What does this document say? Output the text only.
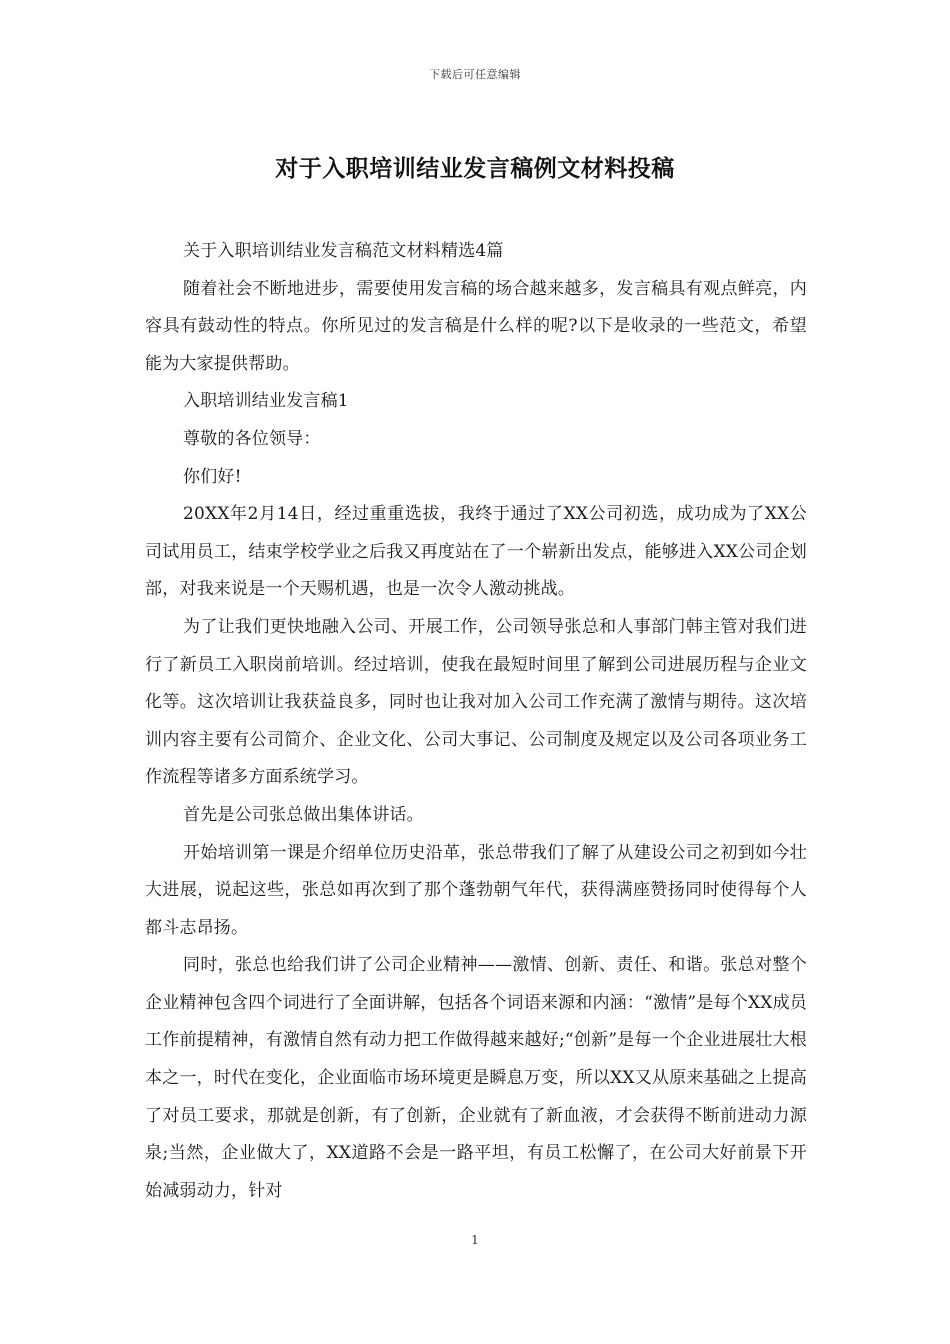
下载后可任意编辑
对于入职培训结业发言稿例文材料投稿

关于入职培训结业发言稿范文材料精选4篇

随着社会不断地进步，需要使用发言稿的场合越来越多，发言稿具有观点鲜亮，内容具有鼓动性的特点。你所见过的发言稿是什么样的呢?以下是收录的一些范文，希望能为大家提供帮助。

入职培训结业发言稿1

尊敬的各位领导：

你们好!

20XX年2月14日，经过重重选拔，我终于通过了XX公司初选，成功成为了XX公司试用员工，结束学校学业之后我又再度站在了一个崭新出发点，能够进入XX公司企划部，对我来说是一个天赐机遇，也是一次令人激动挑战。

为了让我们更快地融入公司、开展工作，公司领导张总和人事部门韩主管对我们进行了新员工入职岗前培训。经过培训，使我在最短时间里了解到公司进展历程与企业文化等。这次培训让我获益良多，同时也让我对加入公司工作充满了激情与期待。这次培训内容主要有公司简介、企业文化、公司大事记、公司制度及规定以及公司各项业务工作流程等诸多方面系统学习。

首先是公司张总做出集体讲话。

开始培训第一课是介绍单位历史沿革，张总带我们了解了从建设公司之初到如今壮大进展，说起这些，张总如再次到了那个蓬勃朝气年代，获得满座赞扬同时使得每个人都斗志昂扬。

同时，张总也给我们讲了公司企业精神——激情、创新、责任、和谐。张总对整个企业精神包含四个词进行了全面讲解，包括各个词语来源和内涵：“激情”是每个XX成员工作前提精神，有激情自然有动力把工作做得越来越好;“创新”是每一个企业进展壮大根本之一，时代在变化，企业面临市场环境更是瞬息万变，所以XX又从原来基础之上提高了对员工要求，那就是创新，有了创新，企业就有了新血液，才会获得不断前进动力源泉;当然，企业做大了，XX道路不会是一路平坦，有员工松懈了，在公司大好前景下开始减弱动力，针对

1
